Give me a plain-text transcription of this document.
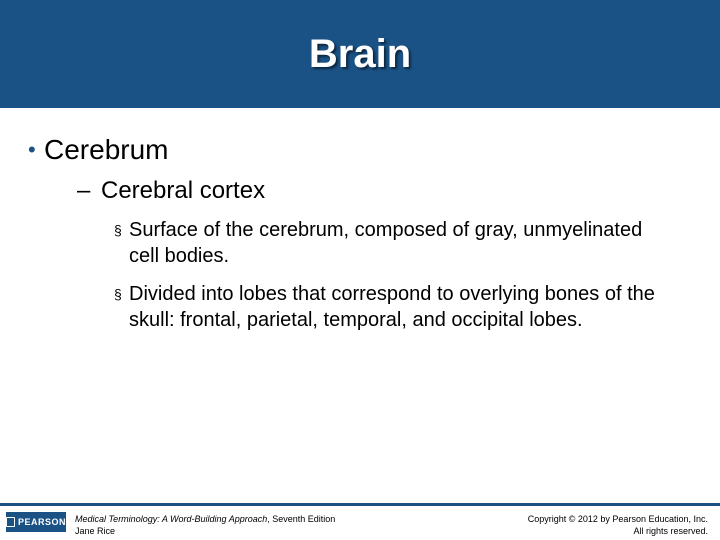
Brain
• Cerebrum
– Cerebral cortex
§ Surface of the cerebrum, composed of gray, unmyelinated cell bodies.
§ Divided into lobes that correspond to overlying bones of the skull: frontal, parietal, temporal, and occipital lobes.
PEARSON Medical Terminology: A Word-Building Approach, Seventh Edition
Jane Rice
Copyright © 2012 by Pearson Education, Inc.
All rights reserved.
